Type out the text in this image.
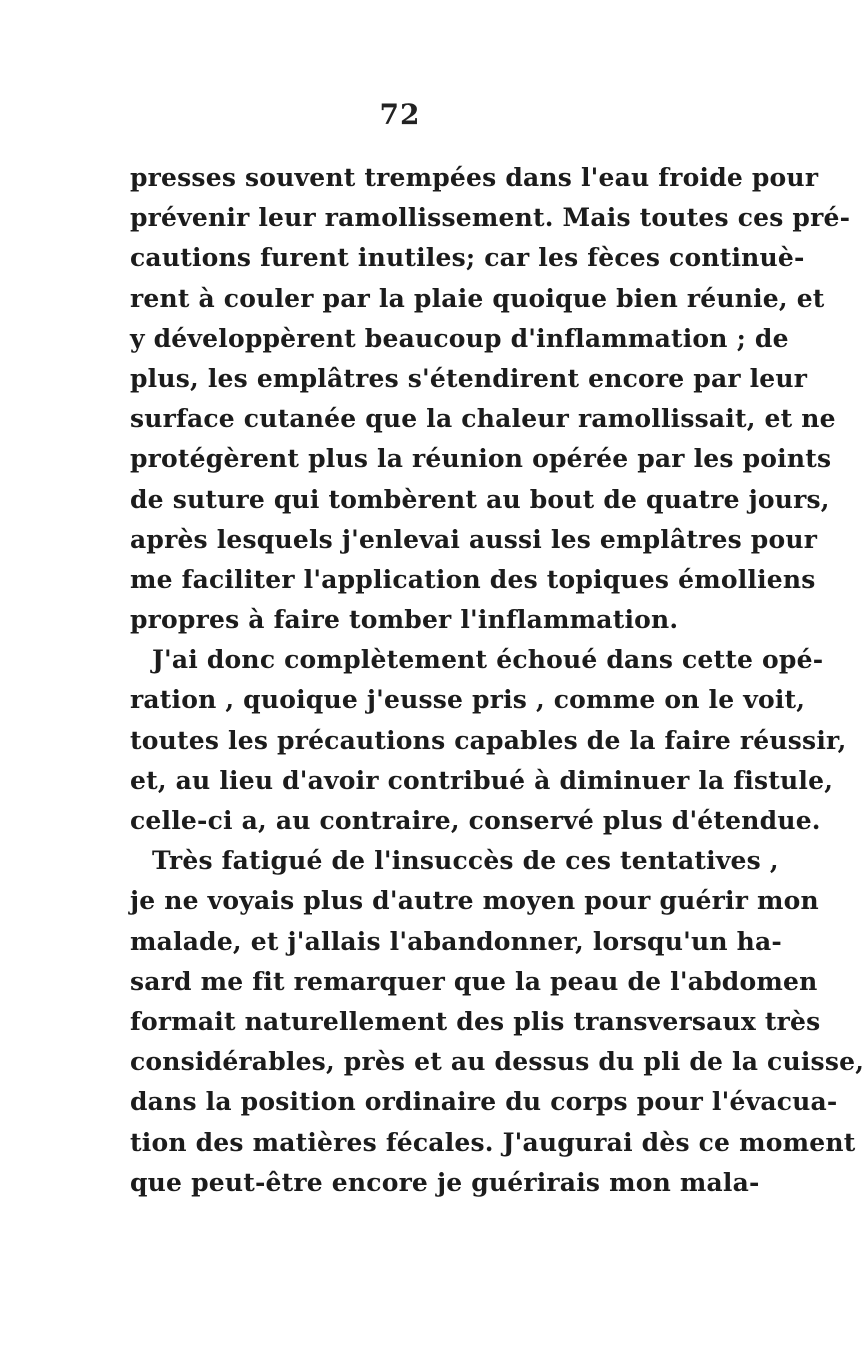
72
presses souvent trempées dans l'eau froide pour
prévenir leur ramollissement. Mais toutes ces pré-
cautions furent inutiles; car les fèces continuè-
rent à couler par la plaie quoique bien réunie, et
y développèrent beaucoup d'inflammation ; de
plus, les emplâtres s'étendirent encore par leur
surface cutanée que la chaleur ramollissait, et ne
protégèrent plus la réunion opérée par les points
de suture qui tombèrent au bout de quatre jours,
après lesquels j'enlevai aussi les emplâtres pour
me faciliter l'application des topiques émolliens
propres à faire tomber l'inflammation.
J'ai donc complètement échoué dans cette opé-
ration , quoique j'eusse pris , comme on le voit,
toutes les précautions capables de la faire réussir,
et, au lieu d'avoir contribué à diminuer la fistule,
celle-ci a, au contraire, conservé plus d'étendue.
Très fatigué de l'insuccès de ces tentatives ,
je ne voyais plus d'autre moyen pour guérir mon
malade, et j'allais l'abandonner, lorsqu'un ha-
sard me fit remarquer que la peau de l'abdomen
formait naturellement des plis transversaux très
considérables, près et au dessus du pli de la cuisse,
dans la position ordinaire du corps pour l'évacua-
tion des matières fécales. J'augurai dès ce moment
que peut-être encore je guérirais mon mala-
